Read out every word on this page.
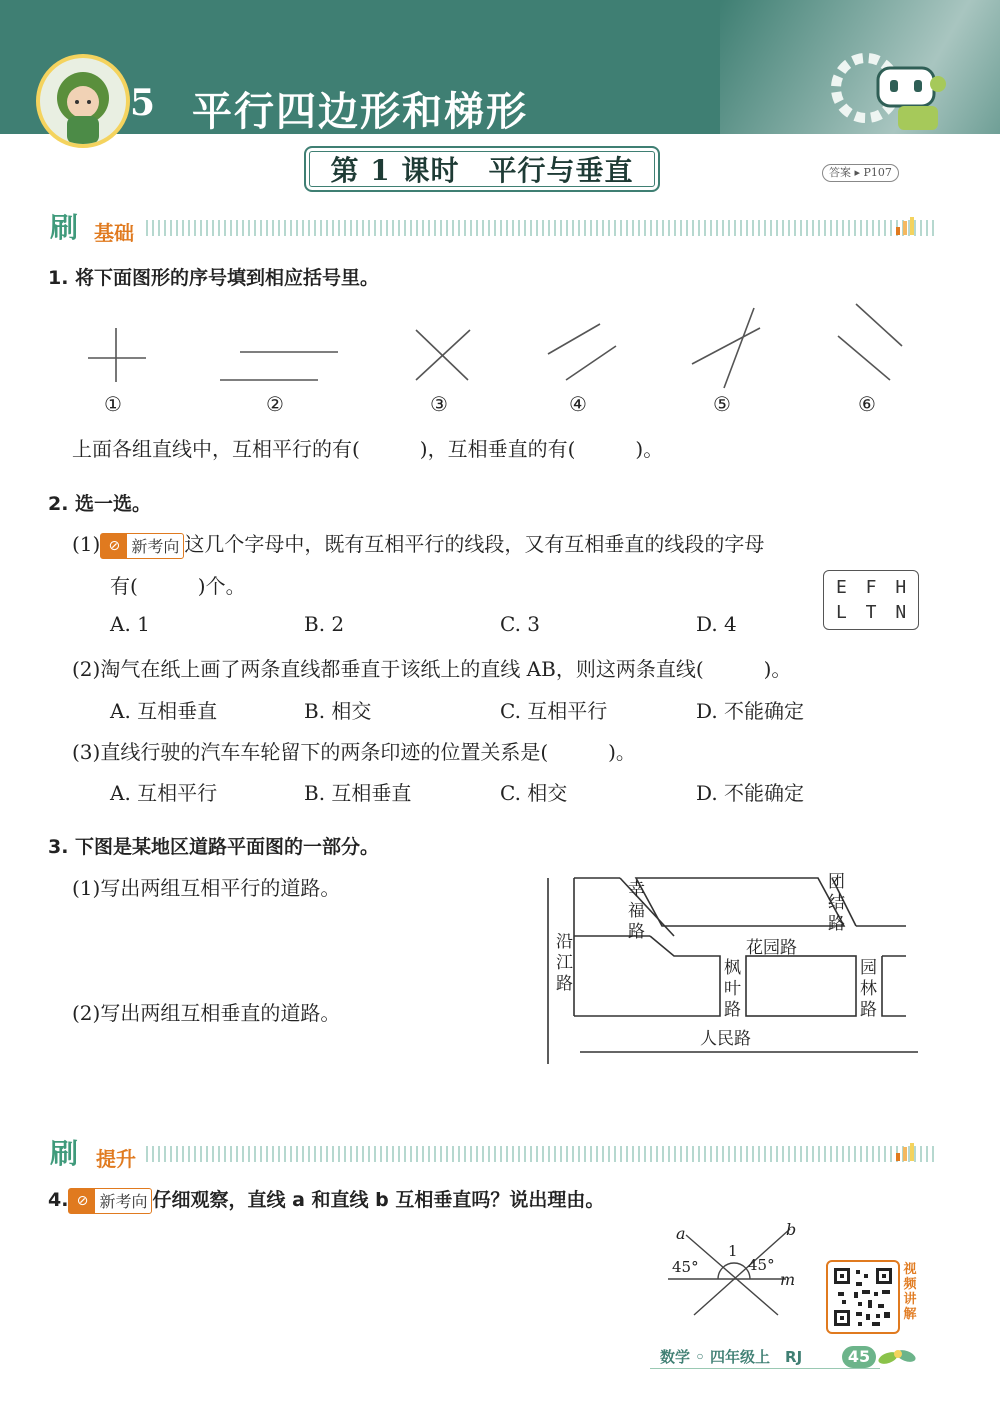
5 平行四边形和梯形
第 1 课时　平行与垂直	答案 ▸ P107
刷 基础
1. 将下面图形的序号填到相应括号里。
①	②	③	④	⑤	⑥
上面各组直线中，互相平行的有(　　　)，互相垂直的有(　　　)。
2. 选一选。
(1) ⊘ 新考向 这几个字母中，既有互相平行的线段，又有互相垂直的线段的字母
有(　　　)个。	E F H
L T N
A. 1	B. 2	C. 3	D. 4
(2)淘气在纸上画了两条直线都垂直于该纸上的直线 AB，则这两条直线(　　　)。
A. 互相垂直	B. 相交	C. 互相平行	D. 不能确定
(3)直线行驶的汽车车轮留下的两条印迹的位置关系是(　　　)。
A. 互相平行	B. 互相垂直	C. 相交	D. 不能确定
3. 下图是某地区道路平面图的一部分。
(1)写出两组互相平行的道路。
(2)写出两组互相垂直的道路。
幸福路
团结路
沿江路
花园路
枫叶路
园林路
人民路
刷 提升
4. ⊘ 新考向 仔细观察，直线 a 和直线 b 互相垂直吗？说出理由。
a	b
m
1
45°	45°	视频讲解
数学 ◦ 四年级上　RJ	45
